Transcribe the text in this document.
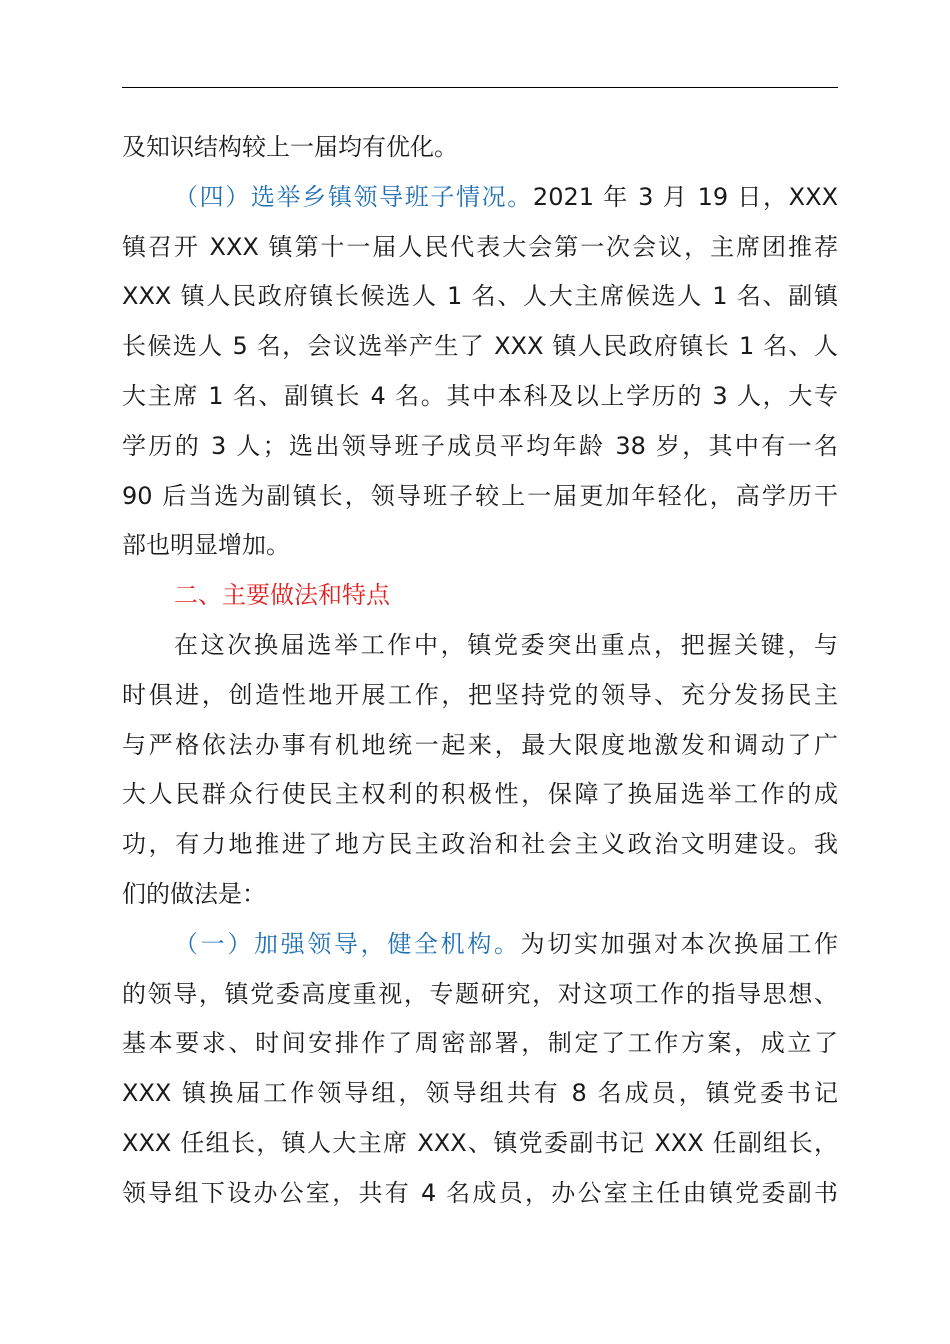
及知识结构较上一届均有优化。
（四）选举乡镇领导班子情况。2021 年 3 月 19 日，XXX
镇召开 XXX 镇第十一届人民代表大会第一次会议，主席团推荐
XXX 镇人民政府镇长候选人 1 名、人大主席候选人 1 名、副镇
长候选人 5 名，会议选举产生了 XXX 镇人民政府镇长 1 名、人
大主席 1 名、副镇长 4 名。其中本科及以上学历的 3 人，大专
学历的 3 人；选出领导班子成员平均年龄 38 岁，其中有一名
90 后当选为副镇长，领导班子较上一届更加年轻化，高学历干
部也明显增加。
二、主要做法和特点
在这次换届选举工作中，镇党委突出重点，把握关键，与
时俱进，创造性地开展工作，把坚持党的领导、充分发扬民主
与严格依法办事有机地统一起来，最大限度地激发和调动了广
大人民群众行使民主权利的积极性，保障了换届选举工作的成
功，有力地推进了地方民主政治和社会主义政治文明建设。我
们的做法是：
（一）加强领导，健全机构。为切实加强对本次换届工作
的领导，镇党委高度重视，专题研究，对这项工作的指导思想、
基本要求、时间安排作了周密部署，制定了工作方案，成立了
XXX 镇换届工作领导组，领导组共有 8 名成员，镇党委书记
XXX 任组长，镇人大主席 XXX、镇党委副书记 XXX 任副组长，
领导组下设办公室，共有 4 名成员，办公室主任由镇党委副书
